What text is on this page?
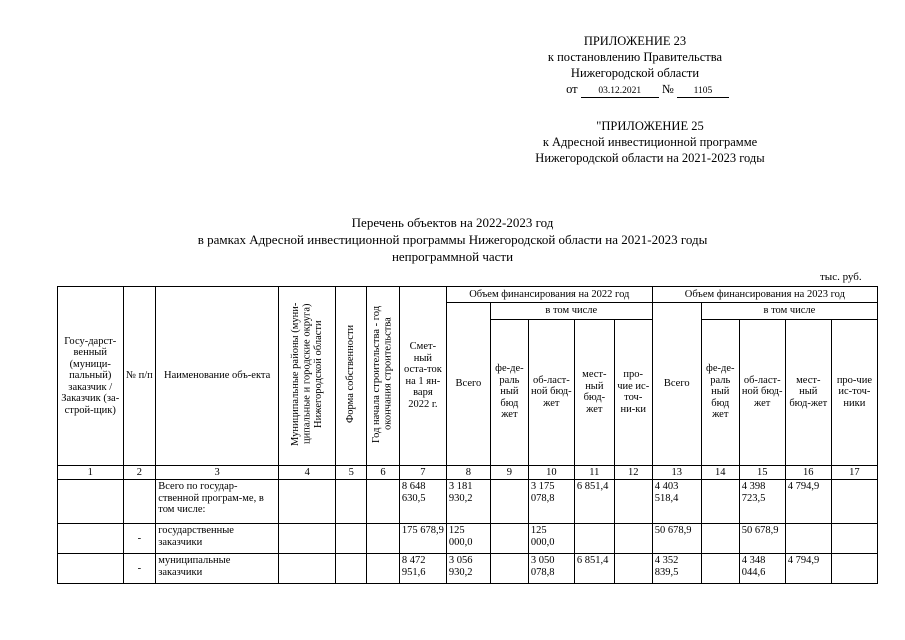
ПРИЛОЖЕНИЕ 23
к постановлению Правительства
Нижегородской области
от 03.12.2021 № 1105
"ПРИЛОЖЕНИЕ 25
к Адресной инвестиционной программе
Нижегородской области на 2021-2023 годы
Перечень объектов на 2022-2023 год
в рамках Адресной инвестиционной программы Нижегородской области на 2021-2023 годы
непрограммной части
тыс. руб.
Госу-дарст-венный (муници-пальный) заказчик / Заказчик (за-строй-щик)	№ п/п	Наименование объ-екта	Муниципальные районы (муни-ципальные и городские округа) Нижегородской области	Форма собственности	Год начала строительства - год окончания строительства	Смет-ный оста-ток на 1 ян-варя 2022 г.	Объем финансирования на 2022 год					Объем финансирования на 2023 год				
							Всего	в том числе				Всего	в том числе			
								фе-де-раль ный бюд жет	об-ласт-ной бюд-жет	мест-ный бюд-жет	про-чие ис-точ-ни-ки		фе-де-раль ный бюд жет	об-ласт-ной бюд-жет	мест-ный бюд-жет	про-чие ис-точ-ники
1	2	3	4	5	6	7	8	9	10	11	12	13	14	15	16	17
		Всего по государ-ственной програм-ме, в том числе:				8 648 630,5	3 181 930,2		3 175 078,8	6 851,4		4 403 518,4		4 398 723,5	4 794,9	
	-	государственные заказчики				175 678,9	125 000,0		125 000,0			50 678,9		50 678,9		
	-	муниципальные заказчики				8 472 951,6	3 056 930,2		3 050 078,8	6 851,4		4 352 839,5		4 348 044,6	4 794,9	
